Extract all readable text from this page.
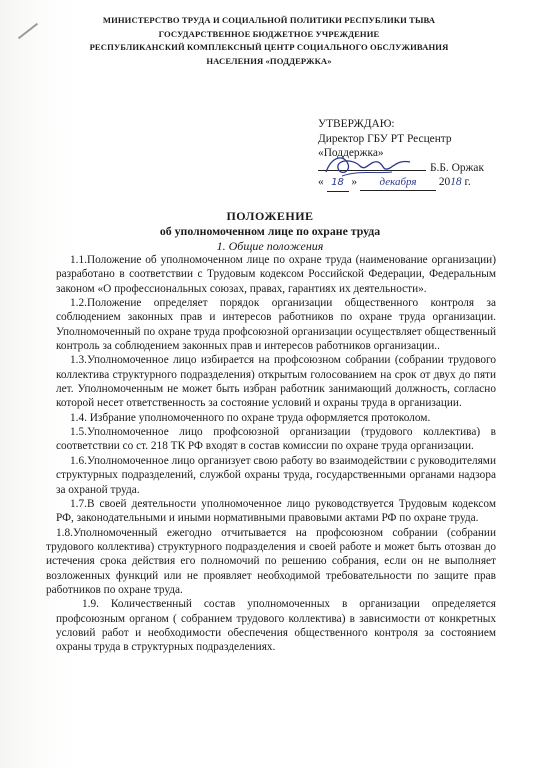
МИНИСТЕРСТВО ТРУДА И СОЦИАЛЬНОЙ ПОЛИТИКИ РЕСПУБЛИКИ ТЫВА
ГОСУДАРСТВЕННОЕ БЮДЖЕТНОЕ УЧРЕЖДЕНИЕ
РЕСПУБЛИКАНСКИЙ КОМПЛЕКСНЫЙ ЦЕНТР СОЦИАЛЬНОГО ОБСЛУЖИВАНИЯ
НАСЕЛЕНИЯ «ПОДДЕРЖКА»
УТВЕРЖДАЮ:
Директор ГБУ РТ Ресцентр
«Поддержка»
Б.Б. Оржак
« 18 » декабря 2018 г.
ПОЛОЖЕНИЕ
об уполномоченном лице по охране труда
1. Общие положения

1.1.Положение об уполномоченном лице по охране труда (наименование организации) разработано в соответствии с Трудовым кодексом Российской Федерации, Федеральным законом «О профессиональных союзах, правах, гарантиях их деятельности».

1.2.Положение определяет порядок организации общественного контроля за соблюдением законных прав и интересов работников по охране труда организации. Уполномоченный по охране труда профсоюзной организации осуществляет общественный контроль за соблюдением законных прав и интересов работников организации..

1.3.Уполномоченное лицо избирается на профсоюзном собрании (собрании трудового коллектива структурного подразделения) открытым голосованием на срок от двух до пяти лет. Уполномоченным не может быть избран работник занимающий должность, согласно которой несет ответственность за состояние условий и охраны труда в организации.

1.4. Избрание уполномоченного по охране труда оформляется протоколом.

1.5.Уполномоченное лицо профсоюзной организации (трудового коллектива) в соответствии со ст. 218 ТК РФ входят в состав комиссии по охране труда организации.

1.6.Уполномоченное лицо организует свою работу во взаимодействии с руководителями структурных подразделений, службой охраны труда, государственными органами надзора за охраной труда.

1.7.В своей деятельности уполномоченное лицо руководствуется Трудовым кодексом РФ, законодательными и иными нормативными правовыми актами РФ по охране труда.

1.8.Уполномоченный ежегодно отчитывается на профсоюзном собрании (собрании трудового коллектива) структурного подразделения и своей работе и может быть отозван до истечения срока действия его полномочий по решению собрания, если он не выполняет возложенных функций или не проявляет необходимой требовательности по защите прав работников по охране труда.

1.9. Количественный состав уполномоченных в организации определяется профсоюзным органом ( собранием трудового коллектива) в зависимости от конкретных условий работ и необходимости обеспечения общественного контроля за состоянием охраны труда в структурных подразделениях.
